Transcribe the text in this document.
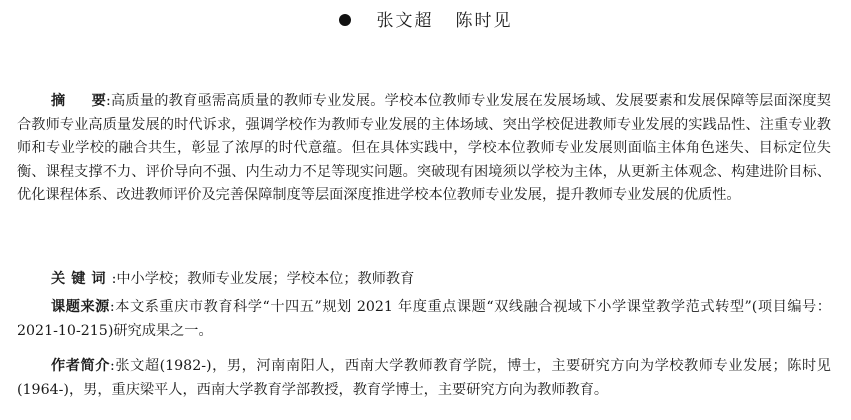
张文超 陈时见
摘 要:高质量的教育亟需高质量的教师专业发展。学校本位教师专业发展在发展场域、发展要素和发展保障等层面深度契合教师专业高质量发展的时代诉求，强调学校作为教师专业发展的主体场域、突出学校促进教师专业发展的实践品性、注重专业教师和专业学校的融合共生，彰显了浓厚的时代意蕴。但在具体实践中，学校本位教师专业发展则面临主体角色迷失、目标定位失衡、课程支撑不力、评价导向不强、内生动力不足等现实问题。突破现有困境须以学校为主体，从更新主体观念、构建进阶目标、优化课程体系、改进教师评价及完善保障制度等层面深度推进学校本位教师专业发展，提升教师专业发展的优质性。
关键词:中小学校；教师专业发展；学校本位；教师教育
课题来源:本文系重庆市教育科学“十四五”规划 2021 年度重点课题“双线融合视域下小学课堂教学范式转型”(项目编号：2021-10-215)研究成果之一。
作者简介:张文超(1982-)，男，河南南阳人，西南大学教师教育学院，博士，主要研究方向为学校教师专业发展；陈时见(1964-)，男，重庆梁平人，西南大学教育学部教授，教育学博士，主要研究方向为教师教育。
